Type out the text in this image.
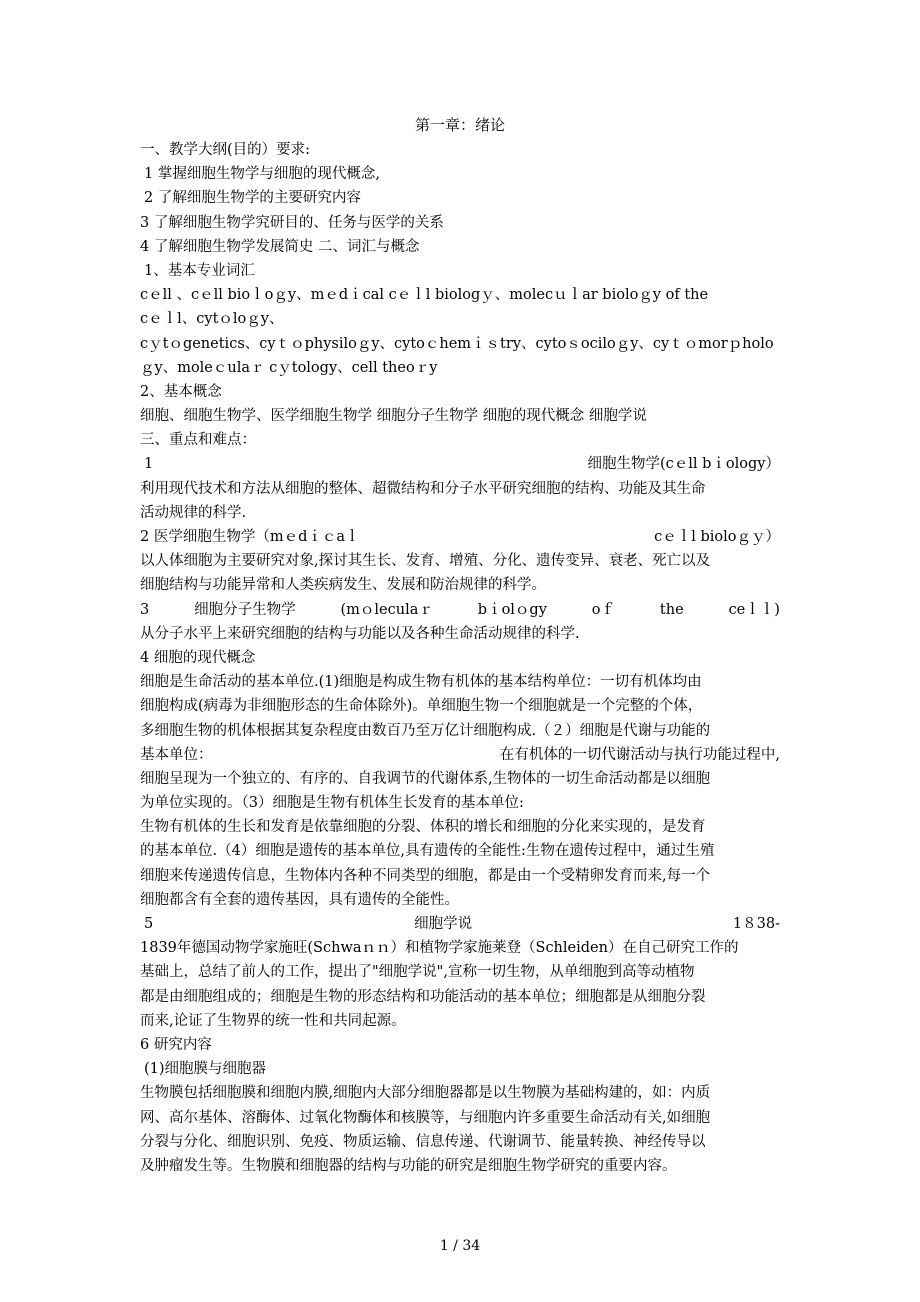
第一章：绪论
一、教学大纲(目的）要求:
1 掌握细胞生物学与细胞的现代概念,
2 了解细胞生物学的主要研究内容
3 了解细胞生物学究研目的、任务与医学的关系
4 了解细胞生物学发展简史 二、词汇与概念
1、基本专业词汇
cｅll 、cｅll bioｌoｇy、mｅdｉcal cｅｌl biologｙ、molecｕｌar bioloｇy of the
cｅｌl、cytｏloｇy、
cｙtｏgenetics、cyｔｏphysiloｇy、cytoｃhemｉｓtry、cytoｓociloｇy、cyｔｏmorｐholo
ｇy、moleｃulaｒ cｙtology、cell theoｒy
2、基本概念
细胞、细胞生物学、医学细胞生物学 细胞分子生物学 细胞的现代概念 细胞学说
三、重点和难点：
1	细胞生物学(cｅll bｉology）
利用现代技术和方法从细胞的整体、超微结构和分子水平研究细胞的结构、功能及其生命
活动规律的科学.
2 医学细胞生物学（mｅdｉｃaｌ	cｅｌl bioloｇｙ）
以人体细胞为主要研究对象,探讨其生长、发育、增殖、分化、遗传变异、衰老、死亡以及
细胞结构与功能异常和人类疾病发生、发展和防治规律的科学。
3	细胞分子生物学	(mｏleculaｒ	bｉolｏgy	oｆ	the	ceｌｌ)
从分子水平上来研究细胞的结构与功能以及各种生命活动规律的科学.
4 细胞的现代概念
细胞是生命活动的基本单位.(1)细胞是构成生物有机体的基本结构单位：一切有机体均由
细胞构成(病毒为非细胞形态的生命体除外)。单细胞生物一个细胞就是一个完整的个体，
多细胞生物的机体根据其复杂程度由数百乃至万亿计细胞构成.（２）细胞是代谢与功能的
基本单位：	在有机体的一切代谢活动与执行功能过程中,
细胞呈现为一个独立的、有序的、自我调节的代谢体系,生物体的一切生命活动都是以细胞
为单位实现的。（3）细胞是生物有机体生长发育的基本单位:
生物有机体的生长和发育是依靠细胞的分裂、体积的增长和细胞的分化来实现的，是发育
的基本单位.（4）细胞是遗传的基本单位,具有遗传的全能性:生物在遗传过程中，通过生殖
细胞来传递遗传信息，生物体内各种不同类型的细胞，都是由一个受精卵发育而来,每一个
细胞都含有全套的遗传基因，具有遗传的全能性。
5	细胞学说	1８38-
1839年德国动物学家施旺(Schwaｎｎ）和植物学家施莱登（Schleiden）在自己研究工作的
基础上，总结了前人的工作，提出了"细胞学说",宣称一切生物，从单细胞到高等动植物
都是由细胞组成的；细胞是生物的形态结构和功能活动的基本单位；细胞都是从细胞分裂
而来,论证了生物界的统一性和共同起源。
6 研究内容
(1)细胞膜与细胞器
生物膜包括细胞膜和细胞内膜,细胞内大部分细胞器都是以生物膜为基础构建的，如：内质
网、高尔基体、溶酶体、过氧化物酶体和核膜等，与细胞内许多重要生命活动有关,如细胞
分裂与分化、细胞识别、免疫、物质运输、信息传递、代谢调节、能量转换、神经传导以
及肿瘤发生等。生物膜和细胞器的结构与功能的研究是细胞生物学研究的重要内容。
1 / 34
